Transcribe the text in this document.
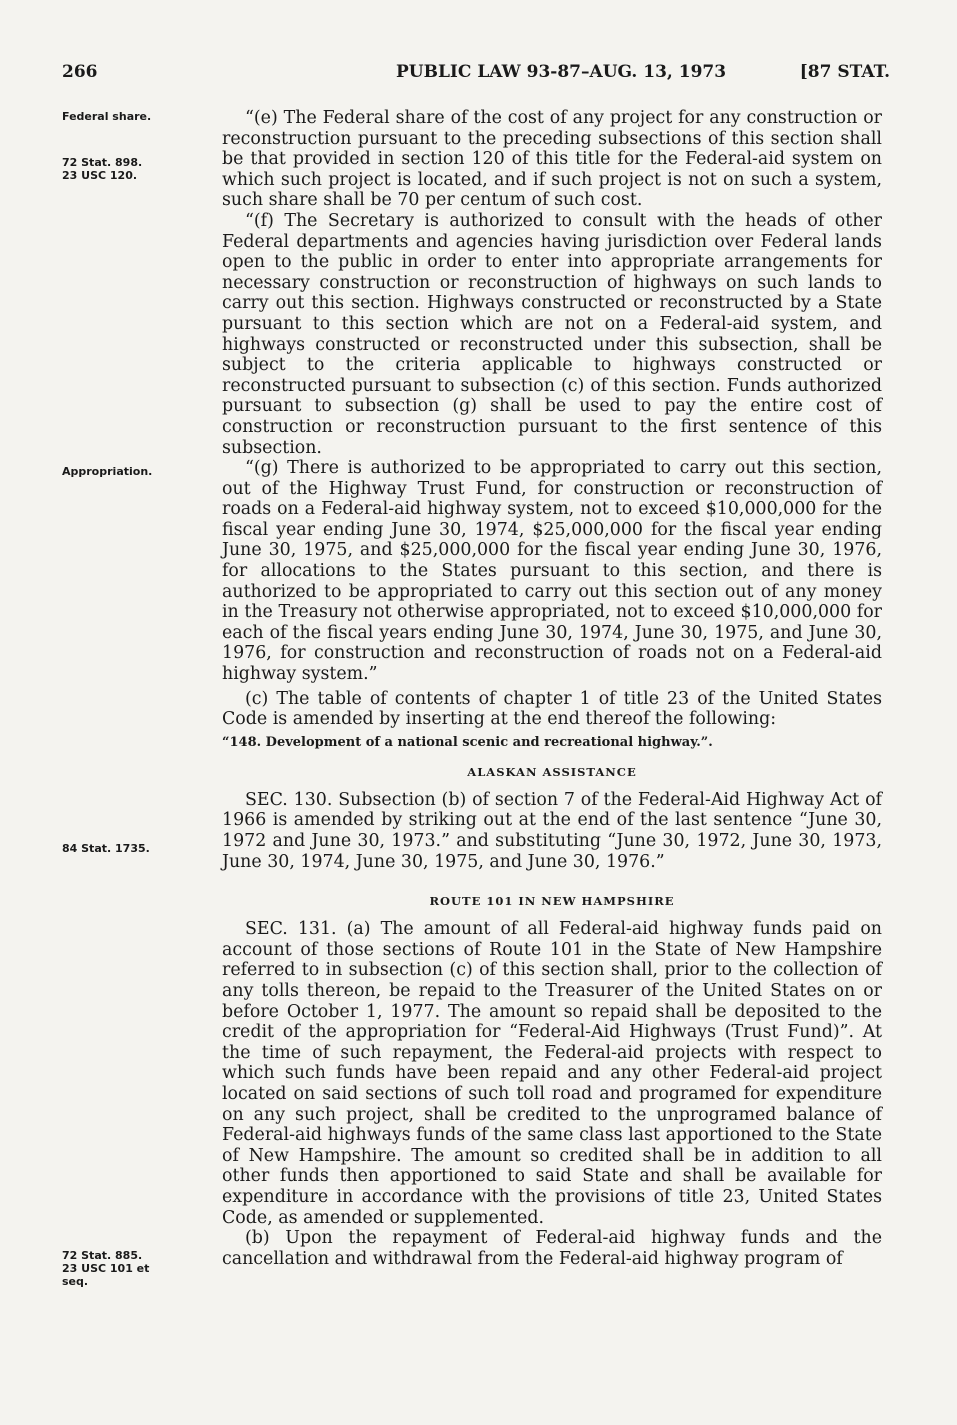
266	PUBLIC LAW 93-87–AUG. 13, 1973	[87 STAT.
Federal share.
72 Stat. 898.
23 USC 120.
Appropriation.
84 Stat. 1735.
72 Stat. 885.
23 USC 101 et
seq.

“(e) The Federal share of the cost of any project for any construction or reconstruction pursuant to the preceding subsections of this section shall be that provided in section 120 of this title for the Federal-aid system on which such project is located, and if such project is not on such a system, such share shall be 70 per centum of such cost.

“(f) The Secretary is authorized to consult with the heads of other Federal departments and agencies having jurisdiction over Federal lands open to the public in order to enter into appropriate arrangements for necessary construction or reconstruction of highways on such lands to carry out this section. Highways constructed or reconstructed by a State pursuant to this section which are not on a Federal-aid system, and highways constructed or reconstructed under this subsection, shall be subject to the criteria applicable to highways constructed or reconstructed pursuant to subsection (c) of this section. Funds authorized pursuant to subsection (g) shall be used to pay the entire cost of construction or reconstruction pursuant to the first sentence of this subsection.

“(g) There is authorized to be appropriated to carry out this section, out of the Highway Trust Fund, for construction or reconstruction of roads on a Federal-aid highway system, not to exceed $10,000,000 for the fiscal year ending June 30, 1974, $25,000,000 for the fiscal year ending June 30, 1975, and $25,000,000 for the fiscal year ending June 30, 1976, for allocations to the States pursuant to this section, and there is authorized to be appropriated to carry out this section out of any money in the Treasury not otherwise appropriated, not to exceed $10,000,000 for each of the fiscal years ending June 30, 1974, June 30, 1975, and June 30, 1976, for construction and reconstruction of roads not on a Federal-aid highway system.”

(c) The table of contents of chapter 1 of title 23 of the United States Code is amended by inserting at the end thereof the following:

“148. Development of a national scenic and recreational highway.”.

ALASKAN ASSISTANCE

SEC. 130. Subsection (b) of section 7 of the Federal-Aid Highway Act of 1966 is amended by striking out at the end of the last sentence “June 30, 1972 and June 30, 1973.” and substituting “June 30, 1972, June 30, 1973, June 30, 1974, June 30, 1975, and June 30, 1976.”

ROUTE 101 IN NEW HAMPSHIRE

SEC. 131. (a) The amount of all Federal-aid highway funds paid on account of those sections of Route 101 in the State of New Hampshire referred to in subsection (c) of this section shall, prior to the collection of any tolls thereon, be repaid to the Treasurer of the United States on or before October 1, 1977. The amount so repaid shall be deposited to the credit of the appropriation for “Federal-Aid Highways (Trust Fund)”. At the time of such repayment, the Federal-aid projects with respect to which such funds have been repaid and any other Federal-aid project located on said sections of such toll road and programed for expenditure on any such project, shall be credited to the unprogramed balance of Federal-aid highways funds of the same class last apportioned to the State of New Hampshire. The amount so credited shall be in addition to all other funds then apportioned to said State and shall be available for expenditure in accordance with the provisions of title 23, United States Code, as amended or supplemented.

(b) Upon the repayment of Federal-aid highway funds and the cancellation and withdrawal from the Federal-aid highway program of
